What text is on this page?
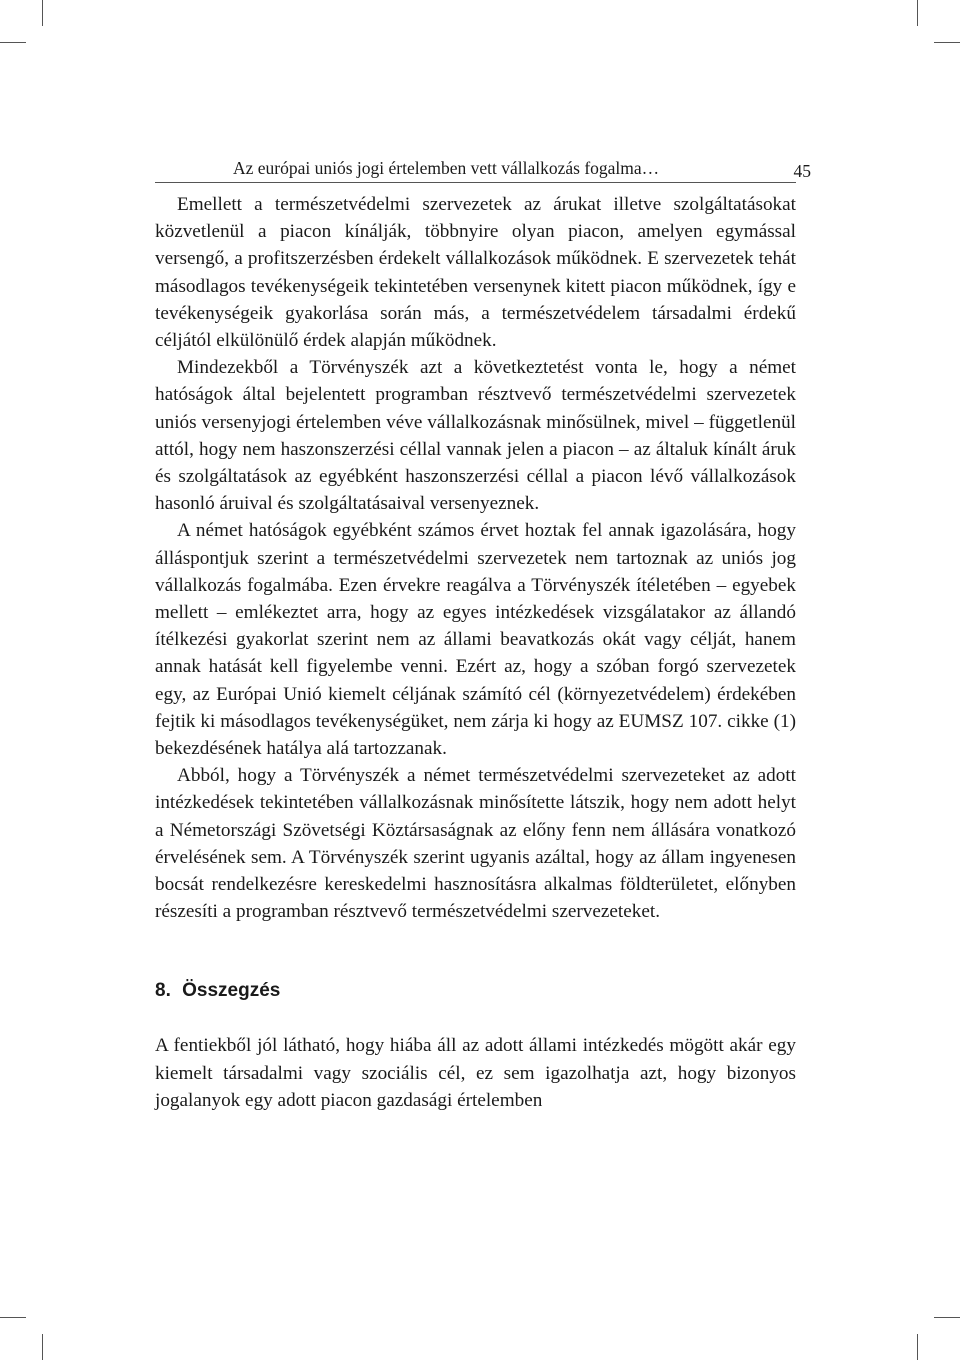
Az európai uniós jogi értelemben vett vállalkozás fogalma…	45

Emellett a természetvédelmi szervezetek az árukat illetve szolgáltatásokat közvetlenül a piacon kínálják, többnyire olyan piacon, amelyen egymással versengő, a profitszerzésben érdekelt vállalkozások működnek. E szervezetek tehát másodlagos tevékenységeik tekintetében versenynek kitett piacon működnek, így e tevékenységeik gyakorlása során más, a természetvédelem társadalmi érdekű céljától elkülönülő érdek alapján működnek.

Mindezekből a Törvényszék azt a következtetést vonta le, hogy a német hatóságok által bejelentett programban résztvevő természetvédelmi szervezetek uniós versenyjogi értelemben véve vállalkozásnak minősülnek, mivel – függetlenül attól, hogy nem haszonszerzési céllal vannak jelen a piacon – az általuk kínált áruk és szolgáltatások az egyébként haszonszerzési céllal a piacon lévő vállalkozások hasonló áruival és szolgáltatásaival versenyeznek.

A német hatóságok egyébként számos érvet hoztak fel annak igazolására, hogy álláspontjuk szerint a természetvédelmi szervezetek nem tartoznak az uniós jog vállalkozás fogalmába. Ezen érvekre reagálva a Törvényszék ítéletében – egyebek mellett – emlékeztet arra, hogy az egyes intézkedések vizsgálatakor az állandó ítélkezési gyakorlat szerint nem az állami beavatkozás okát vagy célját, hanem annak hatását kell figyelembe venni. Ezért az, hogy a szóban forgó szervezetek egy, az Európai Unió kiemelt céljának számító cél (környezetvédelem) érdekében fejtik ki másodlagos tevékenységüket, nem zárja ki hogy az EUMSZ 107. cikke (1) bekezdésének hatálya alá tartozzanak.

Abból, hogy a Törvényszék a német természetvédelmi szervezeteket az adott intézkedések tekintetében vállalkozásnak minősítette látszik, hogy nem adott helyt a Németországi Szövetségi Köztársaságnak az előny fenn nem állására vonatkozó érvelésének sem. A Törvényszék szerint ugyanis azáltal, hogy az állam ingyenesen bocsát rendelkezésre kereskedelmi hasznosításra alkalmas földterületet, előnyben részesíti a programban résztvevő természetvédelmi szervezeteket.

8. Összegzés

A fentiekből jól látható, hogy hiába áll az adott állami intézkedés mögött akár egy kiemelt társadalmi vagy szociális cél, ez sem igazolhatja azt, hogy bizonyos jogalanyok egy adott piacon gazdasági értelemben
